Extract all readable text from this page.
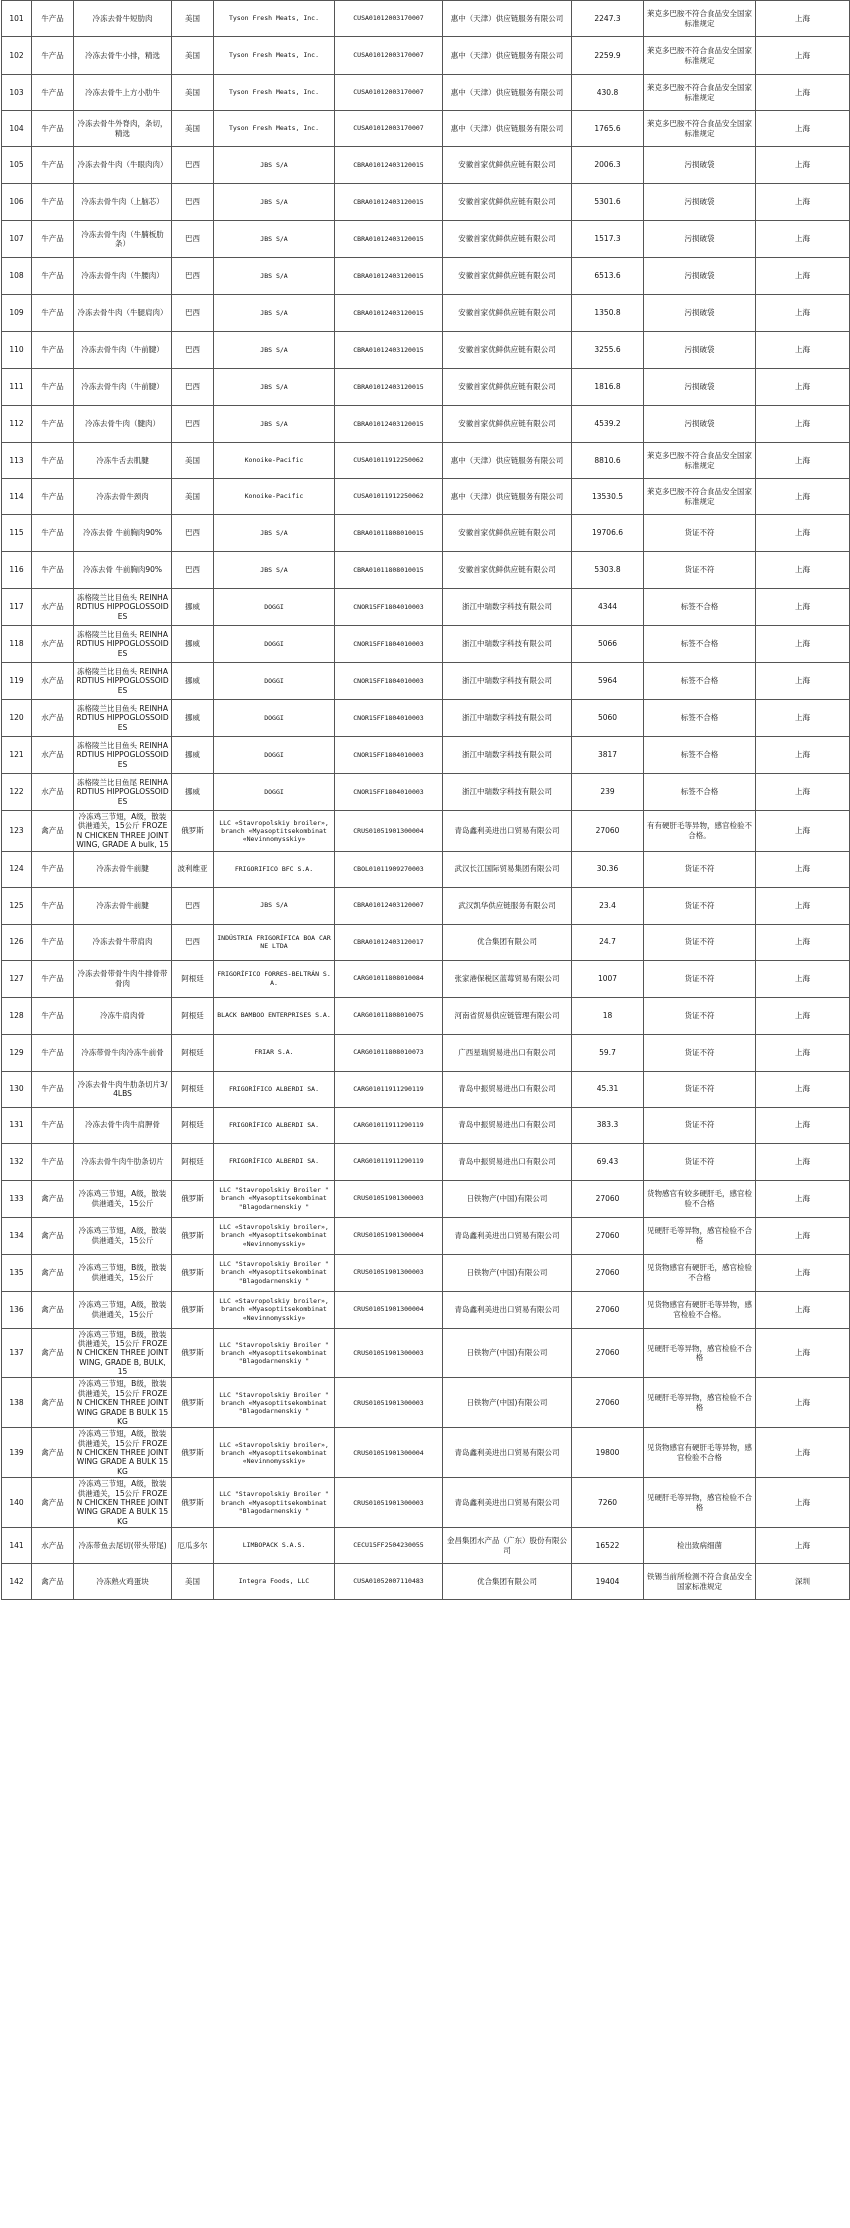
101	牛产品	冷冻去骨牛短肋肉	美国	Tyson Fresh Meats, Inc.	CUSA01012003170007	惠中（天津）供应链服务有限公司	2247.3	莱克多巴胺不符合食品安全国家标准规定	上海
102	牛产品	冷冻去骨牛小排，精选	美国	Tyson Fresh Meats, Inc.	CUSA01012003170007	惠中（天津）供应链服务有限公司	2259.9	莱克多巴胺不符合食品安全国家标准规定	上海
103	牛产品	冷冻去骨牛上方小肋牛	美国	Tyson Fresh Meats, Inc.	CUSA01012003170007	惠中（天津）供应链服务有限公司	430.8	莱克多巴胺不符合食品安全国家标准规定	上海
104	牛产品	冷冻去骨牛外脊肉，条切，精选	美国	Tyson Fresh Meats, Inc.	CUSA01012003170007	惠中（天津）供应链服务有限公司	1765.6	莱克多巴胺不符合食品安全国家标准规定	上海
105	牛产品	冷冻去骨牛肉（牛眼肉肉）	巴西	JBS S/A	CBRA01012403120015	安徽首家优鲜供应链有限公司	2006.3	污损破袋	上海
106	牛产品	冷冻去骨牛肉（上脑芯）	巴西	JBS S/A	CBRA01012403120015	安徽首家优鲜供应链有限公司	5301.6	污损破袋	上海
107	牛产品	冷冻去骨牛肉（牛腩板肋条）	巴西	JBS S/A	CBRA01012403120015	安徽首家优鲜供应链有限公司	1517.3	污损破袋	上海
108	牛产品	冷冻去骨牛肉（牛腰肉）	巴西	JBS S/A	CBRA01012403120015	安徽首家优鲜供应链有限公司	6513.6	污损破袋	上海
109	牛产品	冷冻去骨牛肉（牛腿肩肉）	巴西	JBS S/A	CBRA01012403120015	安徽首家优鲜供应链有限公司	1350.8	污损破袋	上海
110	牛产品	冷冻去骨牛肉（牛前腱）	巴西	JBS S/A	CBRA01012403120015	安徽首家优鲜供应链有限公司	3255.6	污损破袋	上海
111	牛产品	冷冻去骨牛肉（牛前腱）	巴西	JBS S/A	CBRA01012403120015	安徽首家优鲜供应链有限公司	1816.8	污损破袋	上海
112	牛产品	冷冻去骨牛肉（腱肉）	巴西	JBS S/A	CBRA01012403120015	安徽首家优鲜供应链有限公司	4539.2	污损破袋	上海
113	牛产品	冷冻牛舌去肌腱	美国	Konoike-Pacific	CUSA01011912250062	惠中（天津）供应链服务有限公司	8810.6	莱克多巴胺不符合食品安全国家标准规定	上海
114	牛产品	冷冻去骨牛颈肉	美国	Konoike-Pacific	CUSA01011912250062	惠中（天津）供应链服务有限公司	13530.5	莱克多巴胺不符合食品安全国家标准规定	上海
115	牛产品	冷冻去骨 牛前胸肉90%	巴西	JBS S/A	CBRA01011808010015	安徽首家优鲜供应链有限公司	19706.6	货证不符	上海
116	牛产品	冷冻去骨 牛前胸肉90%	巴西	JBS S/A	CBRA01011808010015	安徽首家优鲜供应链有限公司	5303.8	货证不符	上海
117	水产品	冻格陵兰比目鱼头 REINHARDTIUS HIPPOGLOSSOIDES	挪威	DOGGI	CNOR15FF1804010003	浙江中瑞数字科技有限公司	4344	标签不合格	上海
118	水产品	冻格陵兰比目鱼头 REINHARDTIUS HIPPOGLOSSOIDES	挪威	DOGGI	CNOR15FF1804010003	浙江中瑞数字科技有限公司	5066	标签不合格	上海
119	水产品	冻格陵兰比目鱼头 REINHARDTIUS HIPPOGLOSSOIDES	挪威	DOGGI	CNOR15FF1804010003	浙江中瑞数字科技有限公司	5964	标签不合格	上海
120	水产品	冻格陵兰比目鱼头 REINHARDTIUS HIPPOGLOSSOIDES	挪威	DOGGI	CNOR15FF1804010003	浙江中瑞数字科技有限公司	5060	标签不合格	上海
121	水产品	冻格陵兰比目鱼头 REINHARDTIUS HIPPOGLOSSOIDES	挪威	DOGGI	CNOR15FF1804010003	浙江中瑞数字科技有限公司	3817	标签不合格	上海
122	水产品	冻格陵兰比目鱼尾 REINHARDTIUS HIPPOGLOSSOIDES	挪威	DOGGI	CNOR15FF1804010003	浙江中瑞数字科技有限公司	239	标签不合格	上海
123	禽产品	冷冻鸡三节翅，A级，散装供港通关，15公斤 FROZEN CHICKEN THREE JOINT WING, GRADE A bulk, 15	俄罗斯	LLC «Stavropolskiy broiler», branch «Myasoptitsekombinat «Nevinnomysskiy»	CRUS01051901300004	青岛鑫利美进出口贸易有限公司	27060	有有硬肝毛等异物，感官检验不合格。	上海
124	牛产品	冷冻去骨牛前腱	波利维亚	FRIGORIFICO BFC S.A.	CBOL01011909270003	武汉长江国际贸易集团有限公司	30.36	货证不符	上海
125	牛产品	冷冻去骨牛前腱	巴西	JBS S/A	CBRA01012403120007	武汉凯华供应链服务有限公司	23.4	货证不符	上海
126	牛产品	冷冻去骨牛带肩肉	巴西	INDÚSTRIA FRIGORÍFICA BOA CARNE LTDA	CBRA01012403120017	优合集团有限公司	24.7	货证不符	上海
127	牛产品	冷冻去骨带骨牛肉牛排骨带骨肉	阿根廷	FRIGORÍFICO FORRES-BELTRÁN S.A.	CARG01011808010084	张家港保税区蓝莓贸易有限公司	1007	货证不符	上海
128	牛产品	冷冻牛肩肉骨	阿根廷	BLACK BAMBOO ENTERPRISES S.A.	CARG01011808010075	河南省贸易供应链管理有限公司	18	货证不符	上海
129	牛产品	冷冻带骨牛肉冷冻牛前骨	阿根廷	FRIAR S.A.	CARG01011808010073	广西星瑞贸易进出口有限公司	59.7	货证不符	上海
130	牛产品	冷冻去骨牛肉牛肋条切片3/4LBS	阿根廷	FRIGORÍFICO ALBERDI SA.	CARG01011911290119	青岛中振贸易进出口有限公司	45.31	货证不符	上海
131	牛产品	冷冻去骨牛肉牛肩胛骨	阿根廷	FRIGORÍFICO ALBERDI SA.	CARG01011911290119	青岛中振贸易进出口有限公司	383.3	货证不符	上海
132	牛产品	冷冻去骨牛肉牛肋条切片	阿根廷	FRIGORÍFICO ALBERDI SA.	CARG01011911290119	青岛中振贸易进出口有限公司	69.43	货证不符	上海
133	禽产品	冷冻鸡三节翅，A级，散装供港通关，15公斤	俄罗斯	LLC "Stavropolskiy Broiler " branch «Myasoptitsekombinat "Blagodarnenskiy "	CRUS01051901300003	日铁物产(中国)有限公司	27060	货物感官有较多硬肝毛，感官检验不合格	上海
134	禽产品	冷冻鸡三节翅，A级，散装供港通关，15公斤	俄罗斯	LLC «Stavropolskiy broiler», branch «Myasoptitsekombinat «Nevinnomysskiy»	CRUS01051901300004	青岛鑫利美进出口贸易有限公司	27060	见硬肝毛等异物，感官检验不合格	上海
135	禽产品	冷冻鸡三节翅，B级，散装供港通关，15公斤	俄罗斯	LLC "Stavropolskiy Broiler " branch «Myasoptitsekombinat "Blagodarnenskiy "	CRUS01051901300003	日铁物产(中国)有限公司	27060	见货物感官有硬肝毛，感官检验不合格	上海
136	禽产品	冷冻鸡三节翅，A级，散装供港通关，15公斤	俄罗斯	LLC «Stavropolskiy broiler», branch «Myasoptitsekombinat «Nevinnomysskiy»	CRUS01051901300004	青岛鑫利美进出口贸易有限公司	27060	见货物感官有硬肝毛等异物，感官检验不合格。	上海
137	禽产品	冷冻鸡三节翅，B级，散装供港通关，15公斤 FROZEN CHICKEN THREE JOINT WING, GRADE B, BULK, 15	俄罗斯	LLC "Stavropolskiy Broiler " branch «Myasoptitsekombinat "Blagodarnenskiy "	CRUS01051901300003	日铁物产(中国)有限公司	27060	见硬肝毛等异物，感官检验不合格	上海
138	禽产品	冷冻鸡三节翅，B级，散装供港通关，15公斤 FROZEN CHICKEN THREE JOINT WING GRADE B BULK 15KG	俄罗斯	LLC "Stavropolskiy Broiler " branch «Myasoptitsekombinat "Blagodarnenskiy "	CRUS01051901300003	日铁物产(中国)有限公司	27060	见硬肝毛等异物，感官检验不合格	上海
139	禽产品	冷冻鸡三节翅，A级，散装供港通关，15公斤 FROZEN CHICKEN THREE JOINT WING GRADE A BULK 15KG	俄罗斯	LLC «Stavropolskiy broiler», branch «Myasoptitsekombinat «Nevinnomysskiy»	CRUS01051901300004	青岛鑫利美进出口贸易有限公司	19800	见货物感官有硬肝毛等异物，感官检验不合格	上海
140	禽产品	冷冻鸡三节翅，A级，散装供港通关，15公斤 FROZEN CHICKEN THREE JOINT WING GRADE A BULK 15KG	俄罗斯	LLC "Stavropolskiy Broiler " branch «Myasoptitsekombinat "Blagodarnenskiy "	CRUS01051901300003	青岛鑫利美进出口贸易有限公司	7260	见硬肝毛等异物，感官检验不合格	上海
141	水产品	冷冻带鱼去尾切(带头带尾)	厄瓜多尔	LIMBOPACK S.A.S.	CECU15FF2504230055	金昌集团水产品（广东）股份有限公司	16522	检出致病细菌	上海
142	禽产品	冷冻熟火鸡蛋块	美国	Integra Foods, LLC	CUSA01052007110483	优合集团有限公司	19404	铁锡当前所检测不符合食品安全国家标准规定	深圳
